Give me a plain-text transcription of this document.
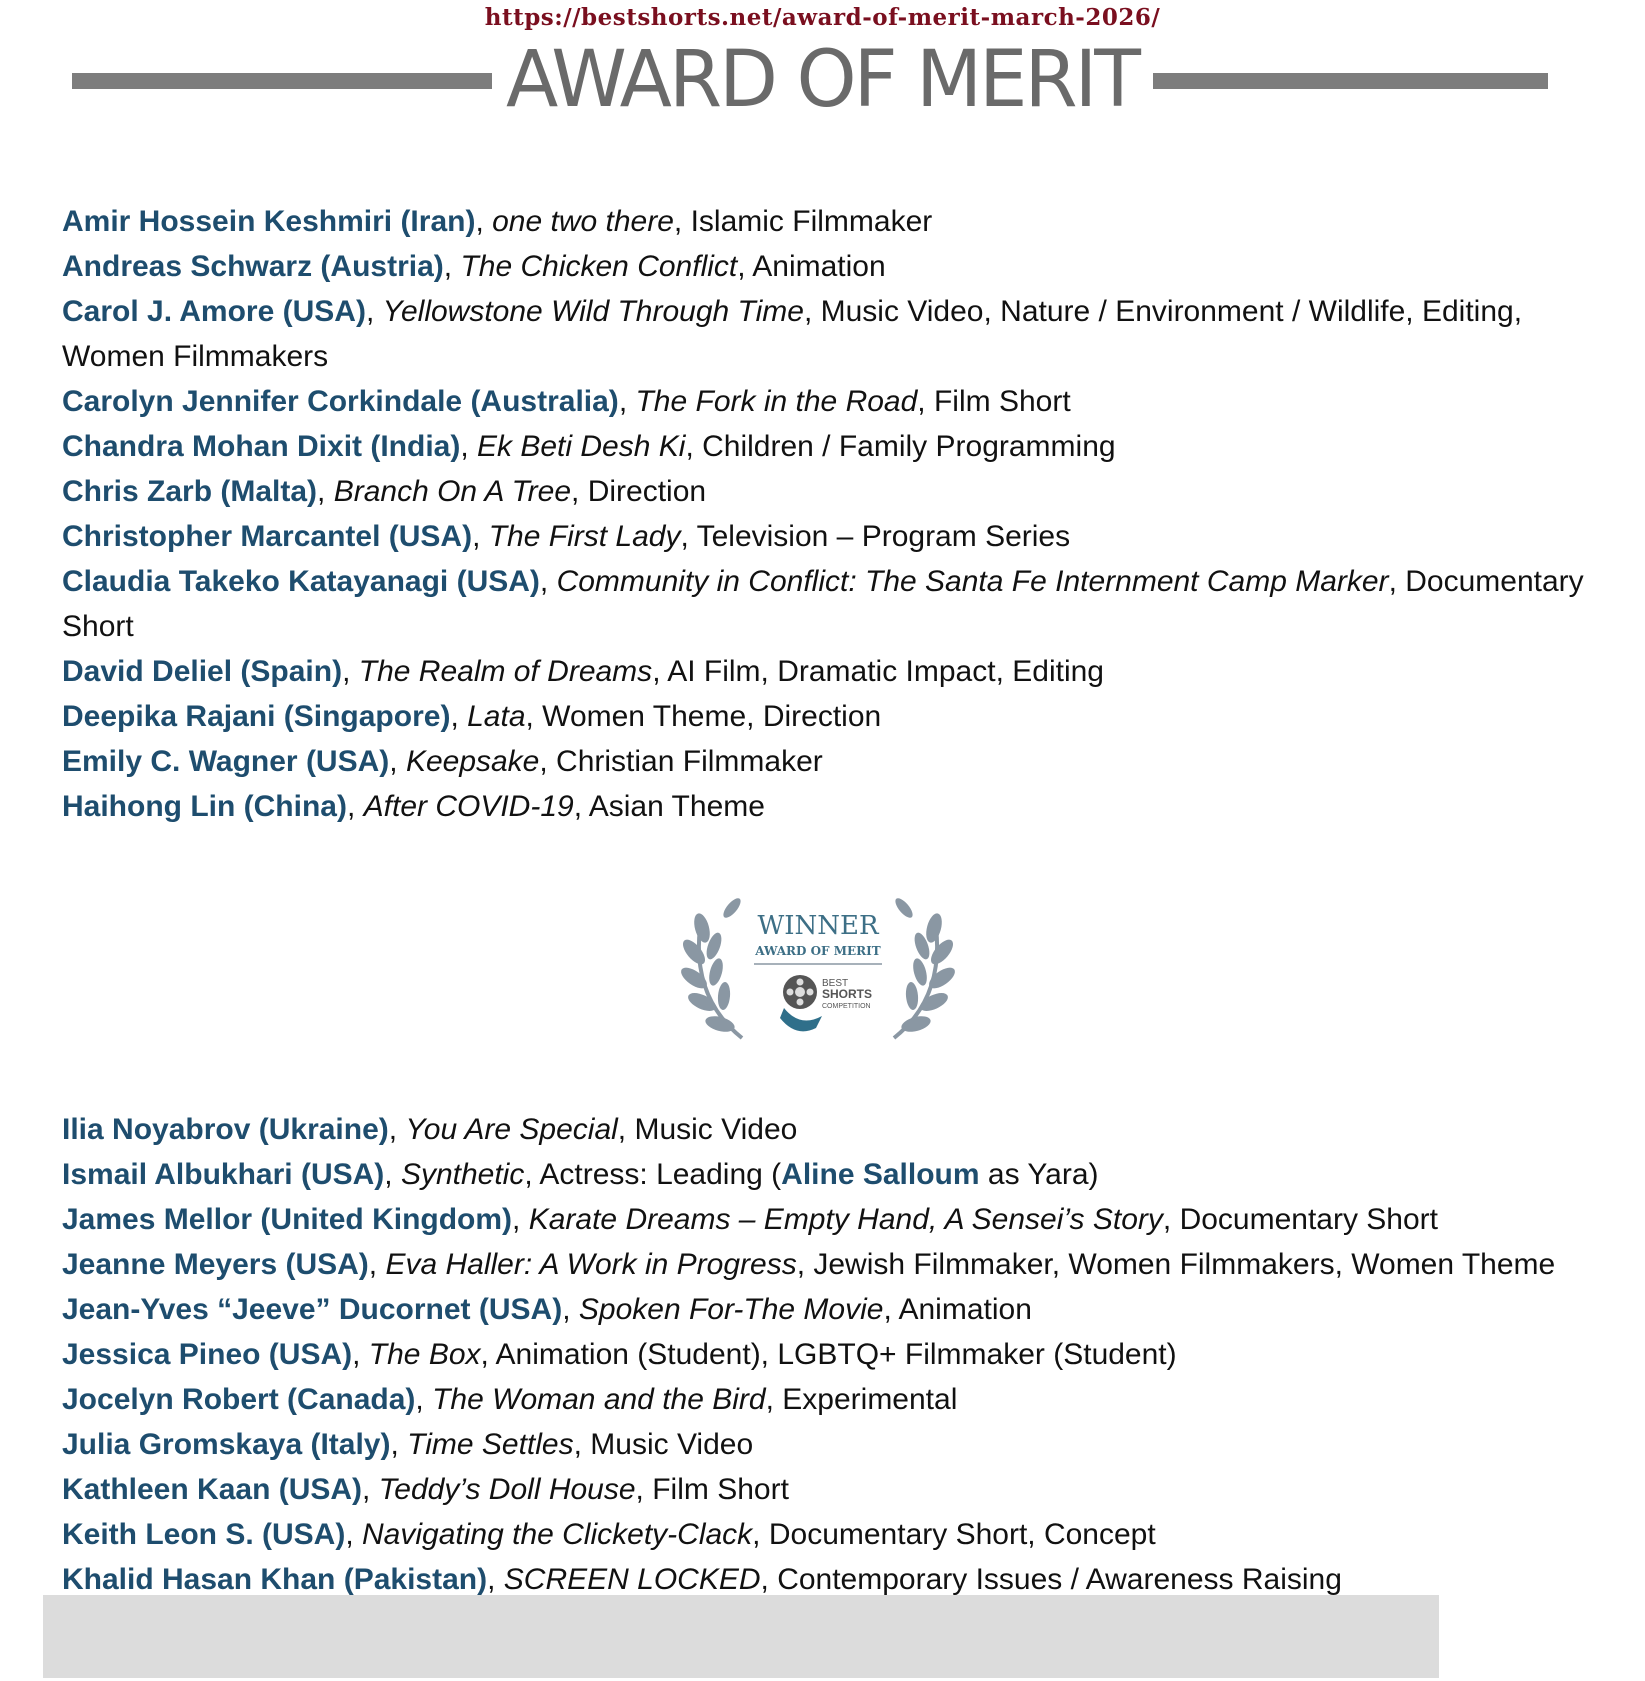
https://bestshorts.net/award-of-merit-march-2026/
AWARD OF MERIT

Amir Hossein Keshmiri (Iran), one two there, Islamic Filmmaker

Andreas Schwarz (Austria), The Chicken Conflict, Animation

Carol J. Amore (USA), Yellowstone Wild Through Time, Music Video, Nature / Environment / Wildlife, Editing, Women Filmmakers

Carolyn Jennifer Corkindale (Australia), The Fork in the Road, Film Short

Chandra Mohan Dixit (India), Ek Beti Desh Ki, Children / Family Programming

Chris Zarb (Malta), Branch On A Tree, Direction

Christopher Marcantel (USA), The First Lady, Television – Program Series

Claudia Takeko Katayanagi (USA), Community in Conflict: The Santa Fe Internment Camp Marker, Documentary Short

David Deliel (Spain), The Realm of Dreams, AI Film, Dramatic Impact, Editing

Deepika Rajani (Singapore), Lata, Women Theme, Direction

Emily C. Wagner (USA), Keepsake, Christian Filmmaker

Haihong Lin (China), After COVID-19, Asian Theme

WINNER
AWARD OF MERIT
BEST
SHORTS
COMPETITION

Ilia Noyabrov (Ukraine), You Are Special, Music Video

Ismail Albukhari (USA), Synthetic, Actress: Leading (Aline Salloum as Yara)

James Mellor (United Kingdom), Karate Dreams – Empty Hand, A Sensei’s Story, Documentary Short

Jeanne Meyers (USA), Eva Haller: A Work in Progress, Jewish Filmmaker, Women Filmmakers, Women Theme

Jean-Yves “Jeeve” Ducornet (USA), Spoken For-The Movie, Animation

Jessica Pineo (USA), The Box, Animation (Student), LGBTQ+ Filmmaker (Student)

Jocelyn Robert (Canada), The Woman and the Bird, Experimental

Julia Gromskaya (Italy), Time Settles, Music Video

Kathleen Kaan (USA), Teddy’s Doll House, Film Short

Keith Leon S. (USA), Navigating the Clickety-Clack, Documentary Short, Concept

Khalid Hasan Khan (Pakistan), SCREEN LOCKED, Contemporary Issues / Awareness Raising
